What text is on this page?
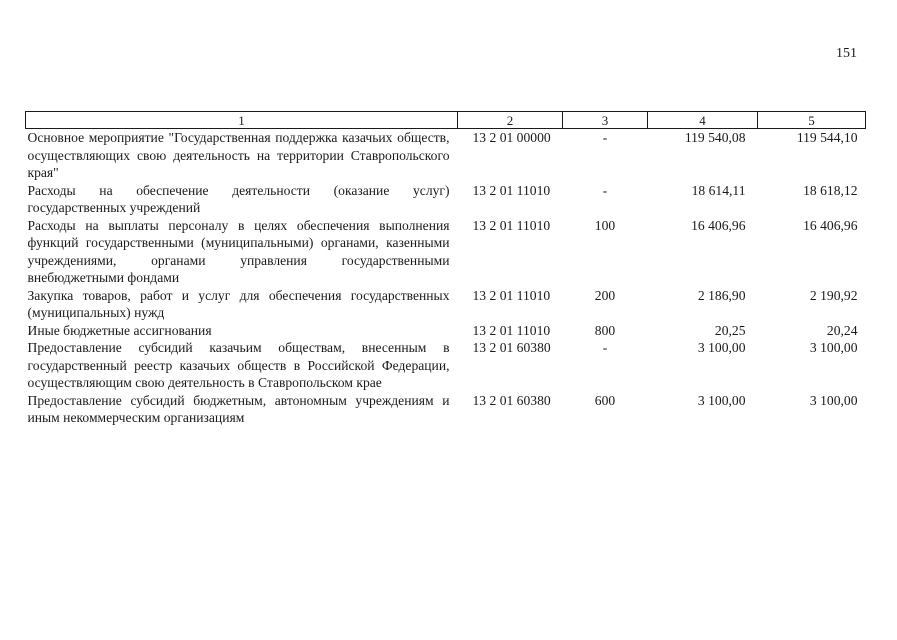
151
1	2	3	4	5
Основное мероприятие "Государственная поддержка казачьих обществ, осуществляющих свою деятельность на территории Ставропольского края"	13 2 01 00000	-	119 540,08	119 544,10
Расходы на обеспечение деятельности (оказание услуг) государственных учреждений	13 2 01 11010	-	18 614,11	18 618,12
Расходы на выплаты персоналу в целях обеспечения выполнения функций государственными (муниципальными) органами, казенными учреждениями, органами управления государственными внебюджетными фондами	13 2 01 11010	100	16 406,96	16 406,96
Закупка товаров, работ и услуг для обеспечения государственных (муниципальных) нужд	13 2 01 11010	200	2 186,90	2 190,92
Иные бюджетные ассигнования	13 2 01 11010	800	20,25	20,24
Предоставление субсидий казачьим обществам, внесенным в государственный реестр казачьих обществ в Российской Федерации, осуществляющим свою деятельность в Ставропольском крае	13 2 01 60380	-	3 100,00	3 100,00
Предоставление субсидий бюджетным, автономным учреждениям и иным некоммерческим организациям	13 2 01 60380	600	3 100,00	3 100,00
